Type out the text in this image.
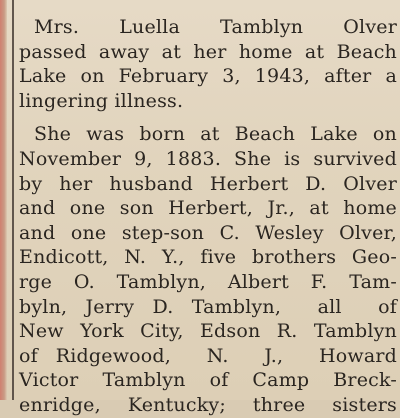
Mrs.  Luella  Tamblyn  Olver
passed away at her home at Beach
Lake on February 3, 1943, after a
lingering illness.
She was born at Beach Lake on
November 9, 1883. She is survived
by her husband Herbert D. Olver
and one son Herbert, Jr., at home
and one step-son C. Wesley Olver,
Endicott, N. Y., five brothers Geo-
rge O. Tamblyn, Albert F. Tam-
byln, Jerry D. Tamblyn,  all  of
New York City, Edson R. Tamblyn
of Ridgewood,  N.  J.,  Howard
Victor Tamblyn of Camp Breck-
enridge, Kentucky; three sisters
